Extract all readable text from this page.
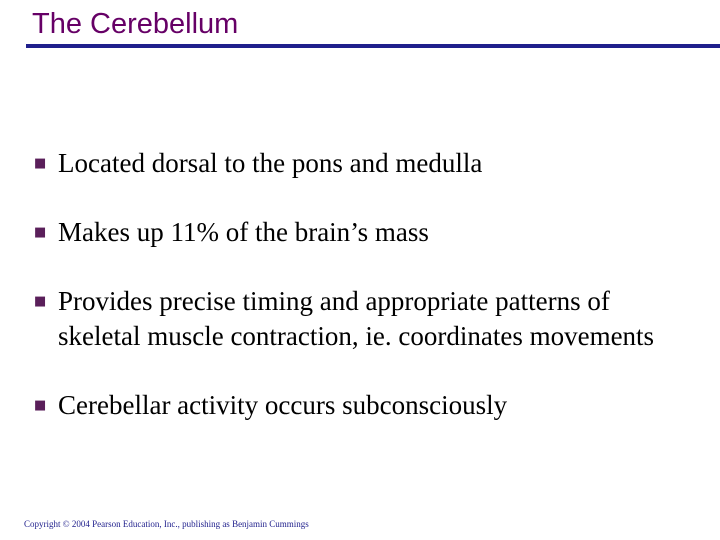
The Cerebellum
■ Located dorsal to the pons and medulla
■ Makes up 11% of the brain’s mass
■ Provides precise timing and appropriate patterns of skeletal muscle contraction, ie. coordinates movements
■ Cerebellar activity occurs subconsciously
Copyright © 2004 Pearson Education, Inc., publishing as Benjamin Cummings
